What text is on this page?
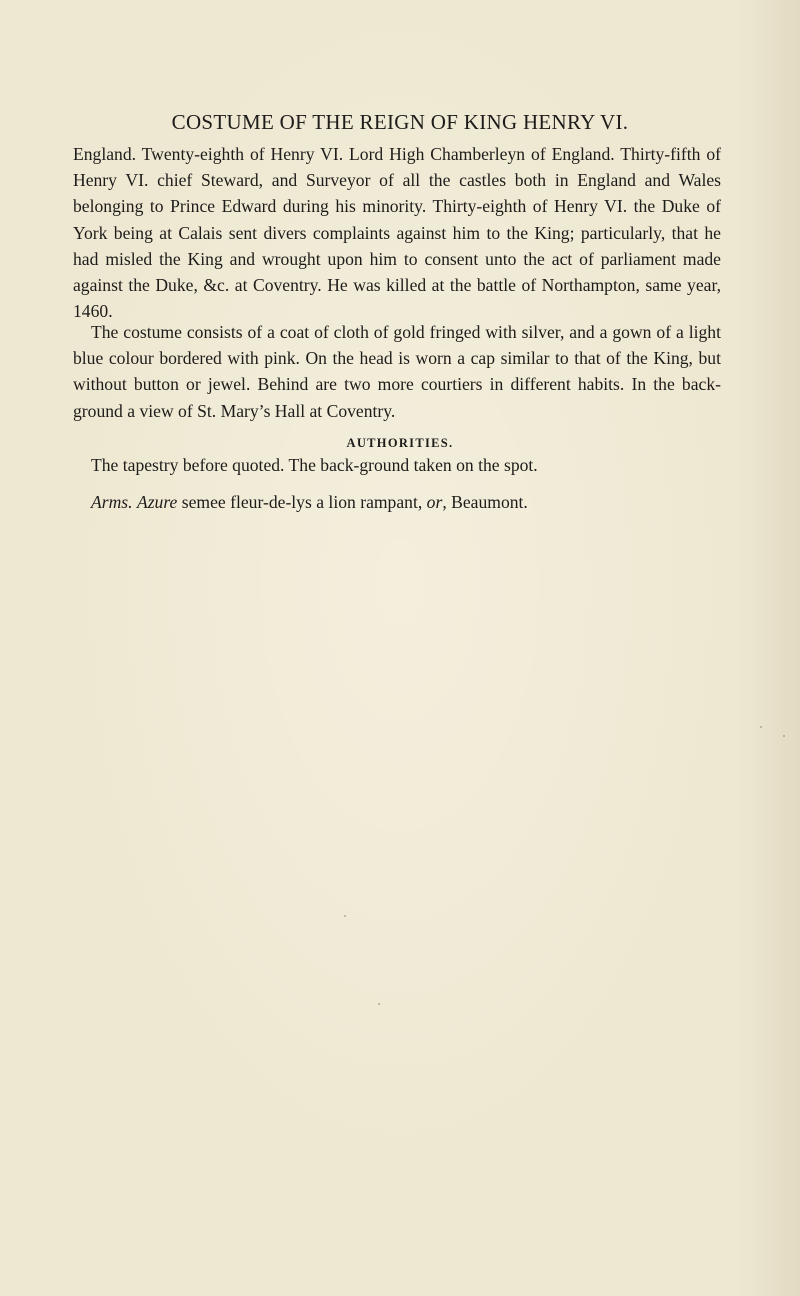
COSTUME OF THE REIGN OF KING HENRY VI.

England. Twenty-eighth of Henry VI. Lord High Chamberleyn of England. Thirty-fifth of Henry VI. chief Steward, and Surveyor of all the castles both in England and Wales belonging to Prince Edward during his minority. Thirty-eighth of Henry VI. the Duke of York being at Calais sent divers complaints against him to the King; particularly, that he had misled the King and wrought upon him to consent unto the act of parliament made against the Duke, &c. at Coventry. He was killed at the battle of Northampton, same year, 1460.

The costume consists of a coat of cloth of gold fringed with silver, and a gown of a light blue colour bordered with pink. On the head is worn a cap similar to that of the King, but without button or jewel. Behind are two more courtiers in different habits. In the back-ground a view of St. Mary’s Hall at Coventry.

AUTHORITIES.

The tapestry before quoted. The back-ground taken on the spot.

Arms. Azure semee fleur-de-lys a lion rampant, or, Beaumont.
